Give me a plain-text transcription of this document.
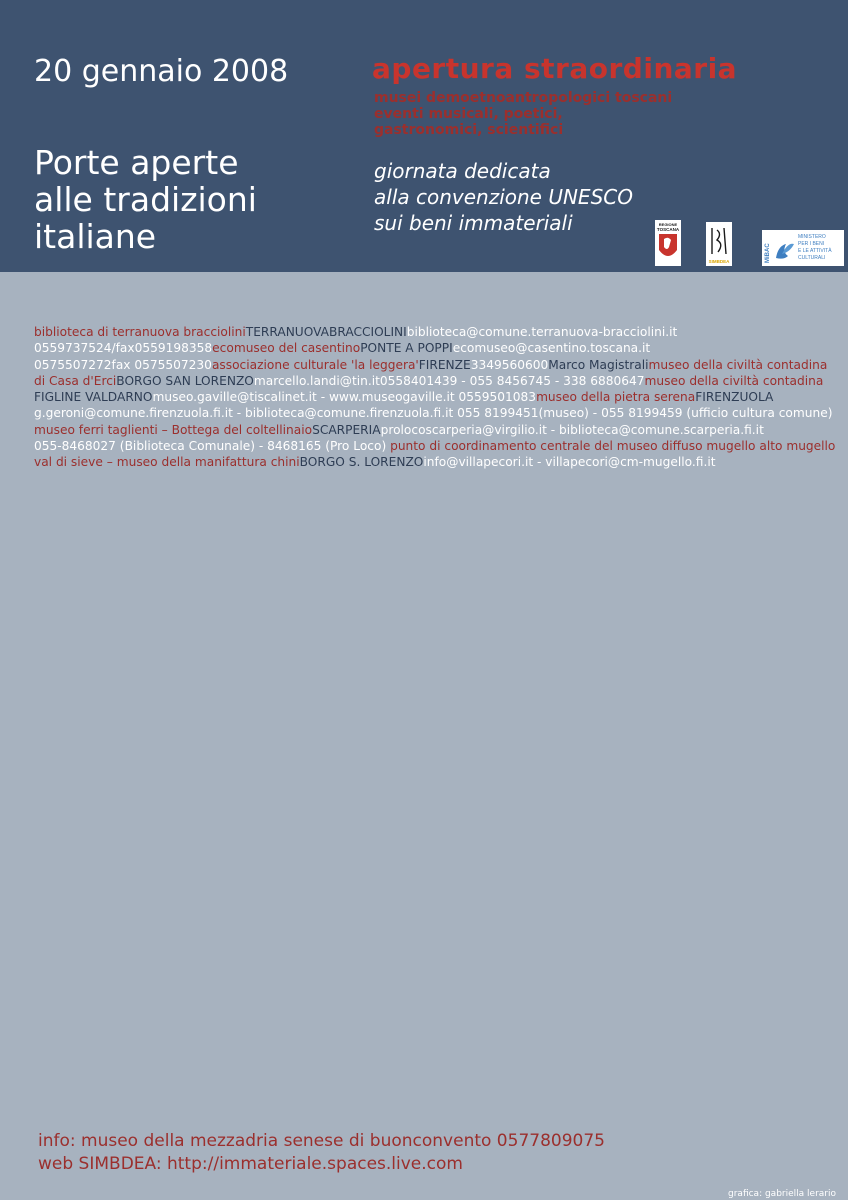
20 gennaio 2008
Porte aperte
alle tradizioni
italiane
apertura straordinaria
musei demoetnoantropologici toscani
eventi musicali, poetici,
gastronomici, scientifici
giornata dedicata
alla convenzione UNESCO
sui beni immateriali	REGIONE
TOSCANA
SIMBDEA	MiBAC
MINISTERO
PER I BENI
E LE ATTIVITÀ
CULTURALI
biblioteca di terranuova braccioliniTERRANUOVABRACCIOLINIbiblioteca@comune.terranuova-bracciolini.it
0559737524/fax0559198358ecomuseo del casentinoPONTE A POPPIecomuseo@casentino.toscana.it
0575507272fax 0575507230associazione culturale 'la leggera'FIRENZE3349560600Marco Magistralimuseo della civiltà contadina
di Casa d'ErciBORGO SAN LORENZOmarcello.landi@tin.it0558401439 - 055 8456745 - 338 6880647museo della civiltà contadina
FIGLINE VALDARNOmuseo.gaville@tiscalinet.it - www.museogaville.it 0559501083museo della pietra serenaFIRENZUOLA
g.geroni@comune.firenzuola.fi.it - biblioteca@comune.firenzuola.fi.it 055 8199451(museo) - 055 8199459 (ufficio cultura comune)
museo ferri taglienti – Bottega del coltellinaioSCARPERIAprolocoscarperia@virgilio.it - biblioteca@comune.scarperia.fi.it
055-8468027 (Biblioteca Comunale) - 8468165 (Pro Loco) punto di coordinamento centrale del museo diffuso mugello alto mugello
val di sieve – museo della manifattura chiniBORGO S. LORENZOinfo@villapecori.it - villapecori@cm-mugello.fi.it
info: museo della mezzadria senese di buonconvento 0577809075
web SIMBDEA: http://immateriale.spaces.live.com
grafica: gabriella lerario
